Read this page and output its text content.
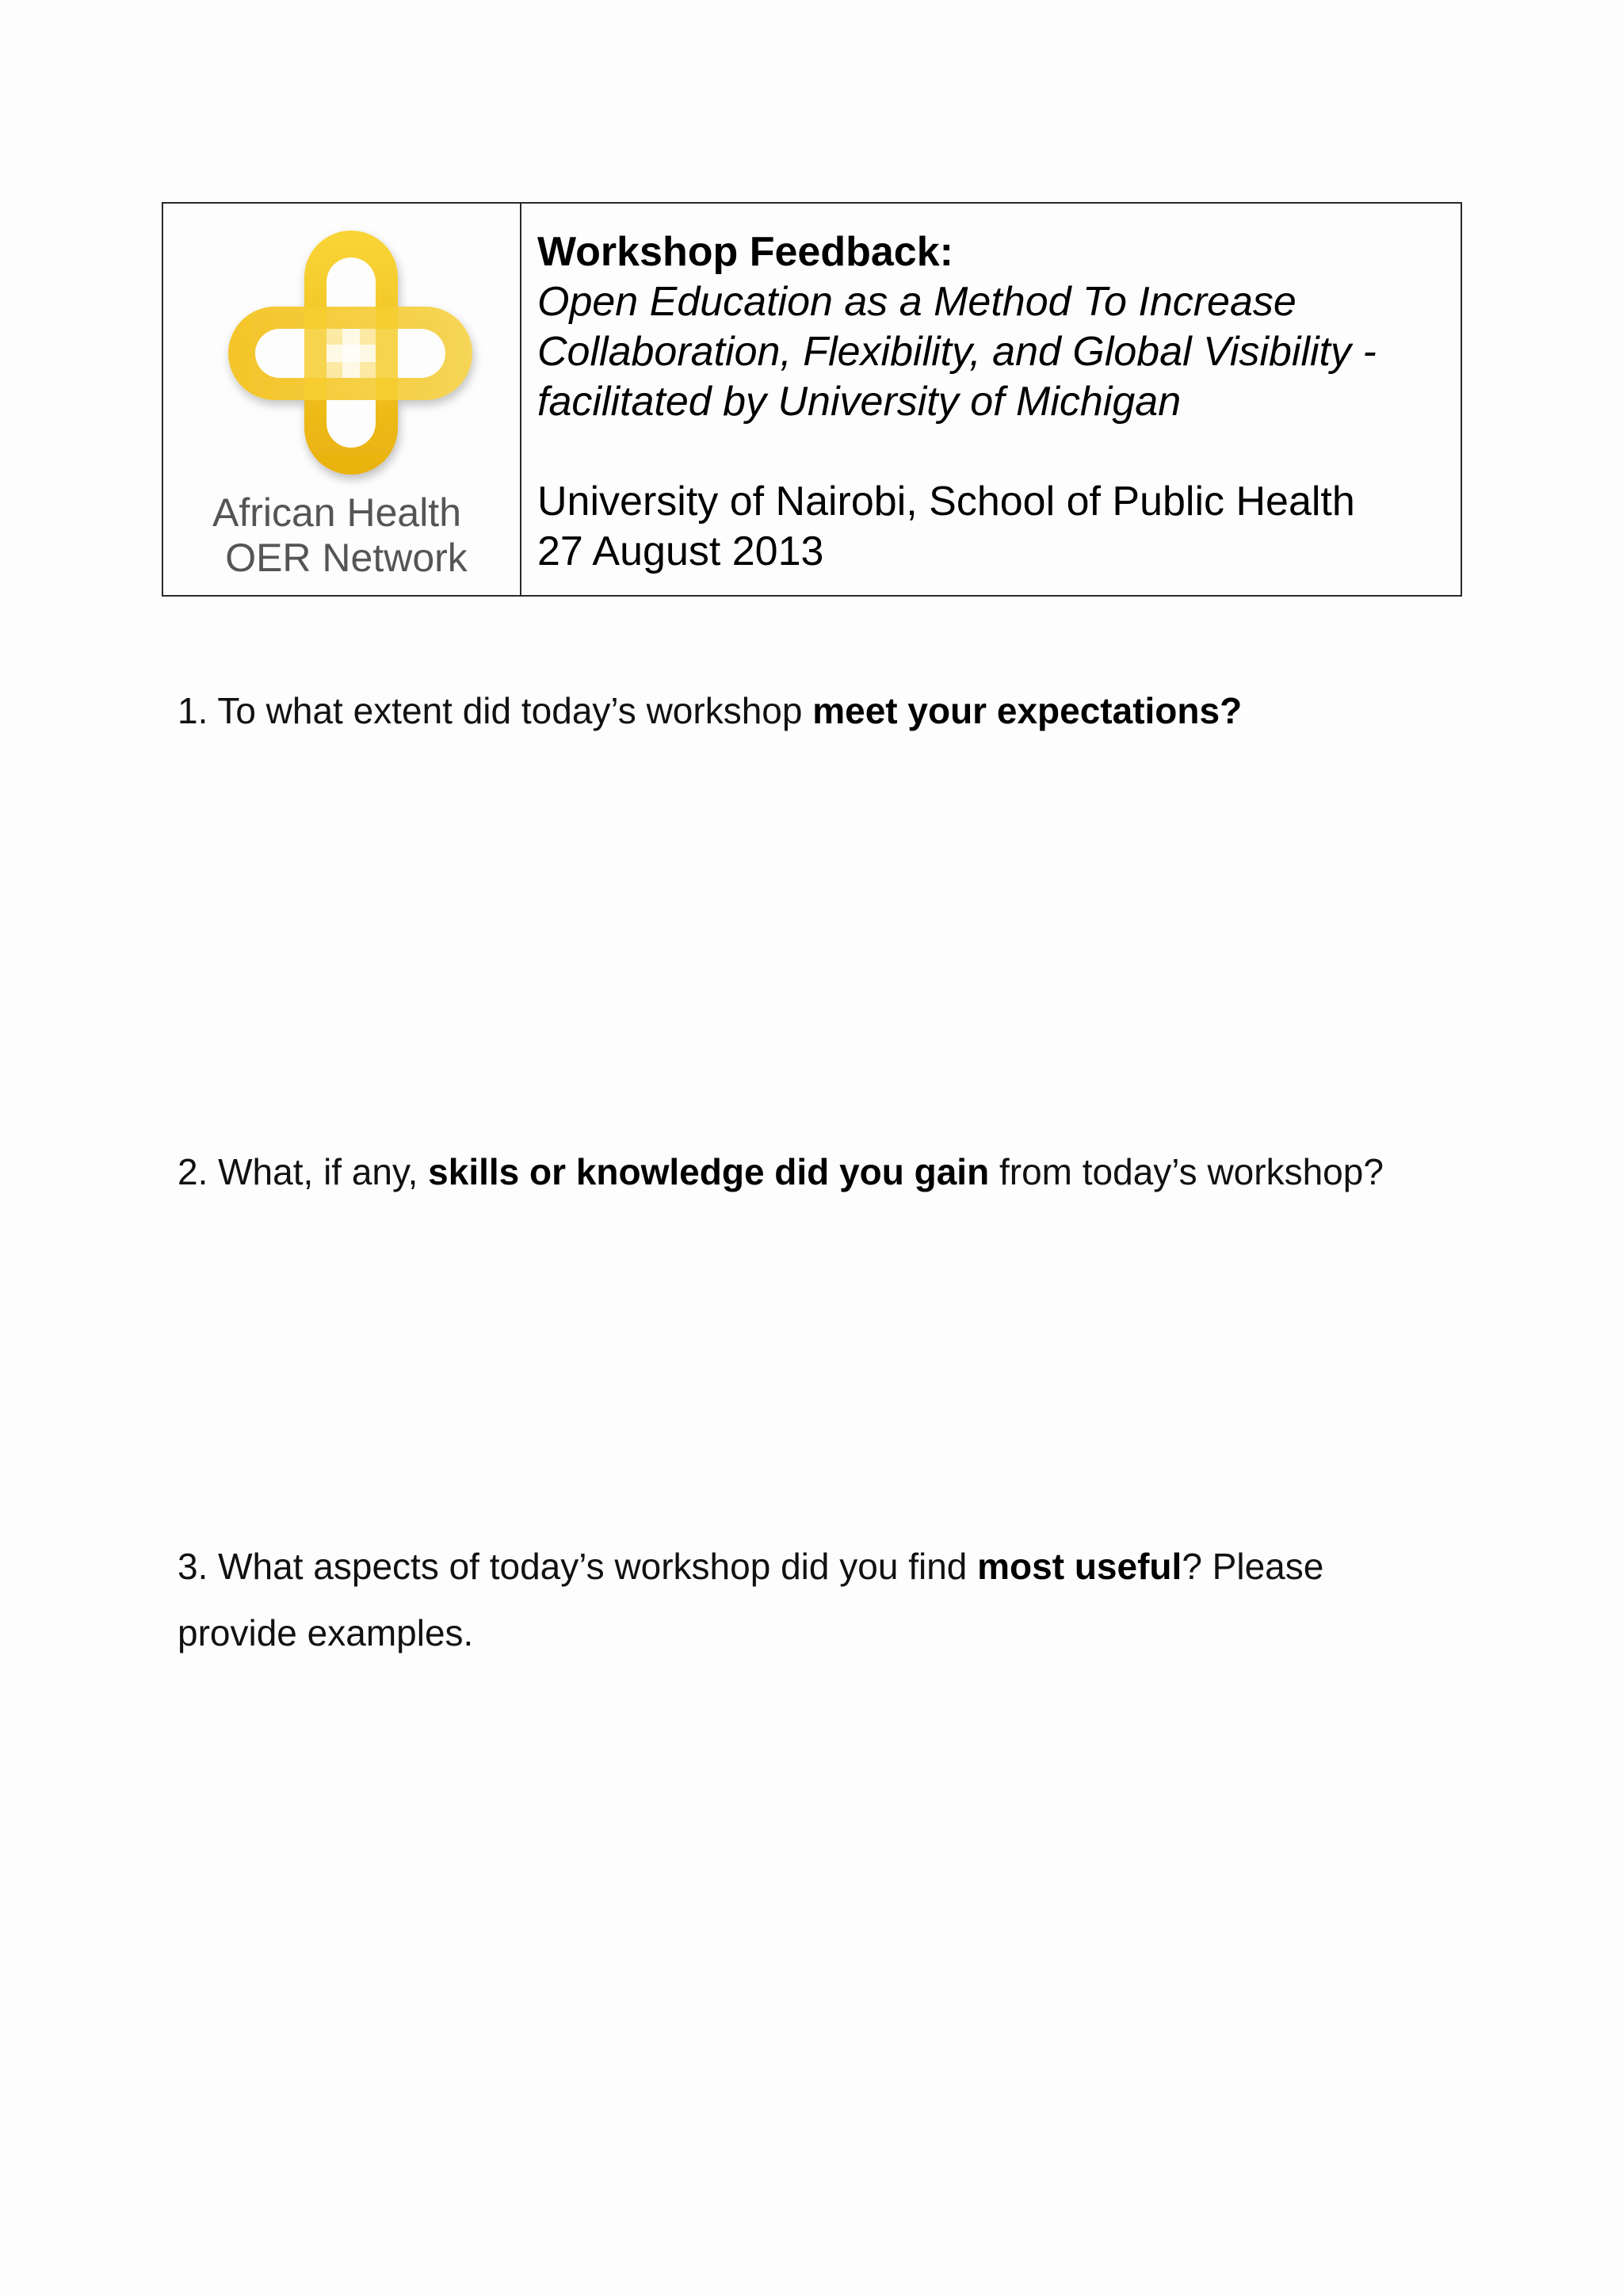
African Health
OER Network
Workshop Feedback:
Open Education as a Method To Increase
Collaboration, Flexibility, and Global Visibility -
facilitated by University of Michigan
University of Nairobi, School of Public Health
27 August 2013
1. To what extent did today’s workshop meet your expectations?
2. What, if any, skills or knowledge did you gain from today’s workshop?
3. What aspects of today’s workshop did you find most useful? Please provide examples.
